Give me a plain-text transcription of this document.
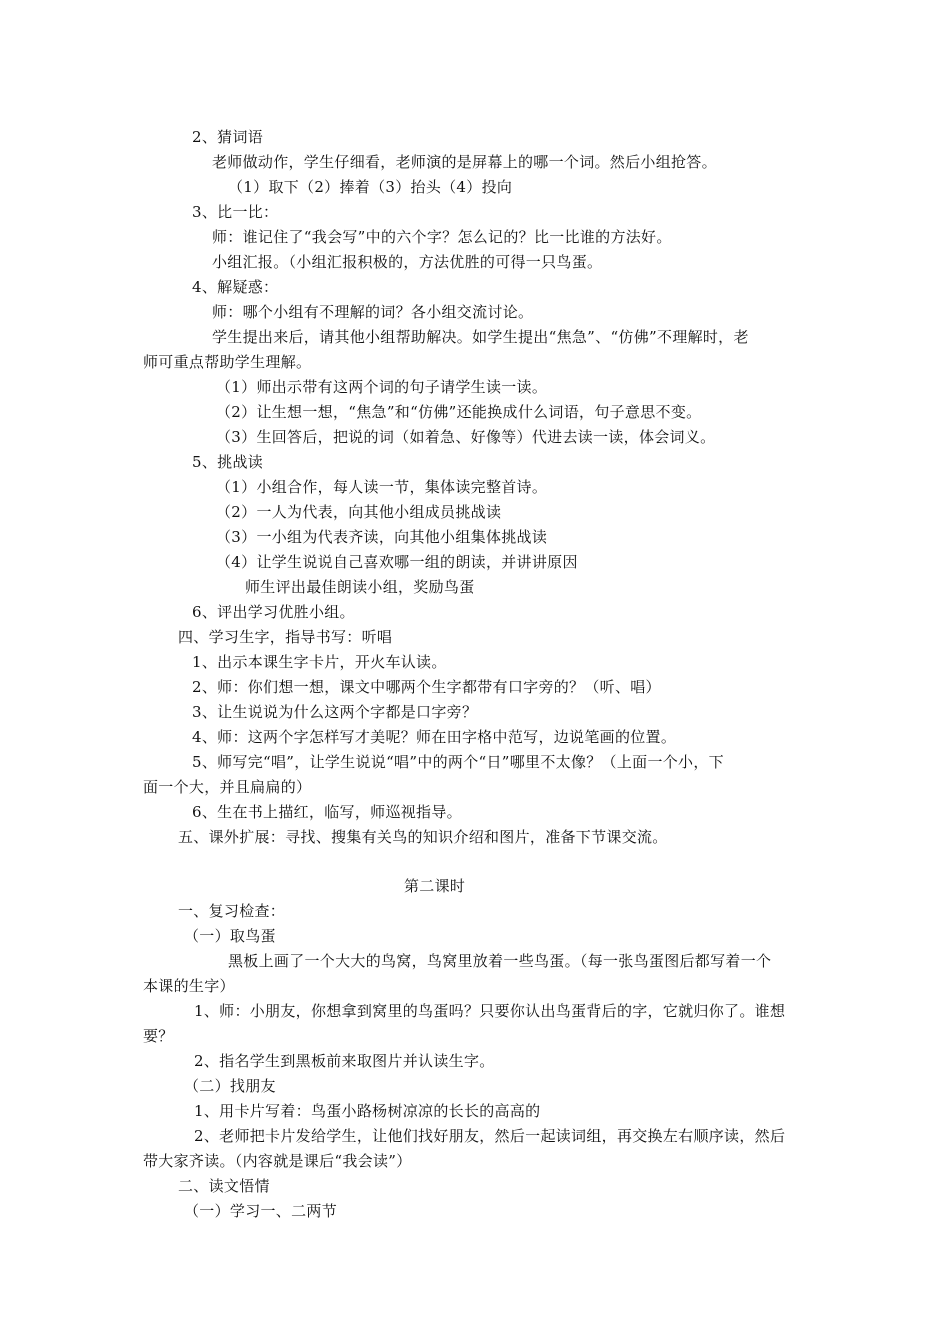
2、猜词语
老师做动作，学生仔细看，老师演的是屏幕上的哪一个词。然后小组抢答。
（1）取下（2）捧着（3）抬头（4）投向
3、比一比：
师：谁记住了“我会写”中的六个字？怎么记的？比一比谁的方法好。
小组汇报。（小组汇报积极的，方法优胜的可得一只鸟蛋。
4、解疑惑：
师：哪个小组有不理解的词？各小组交流讨论。
学生提出来后，请其他小组帮助解决。如学生提出“焦急”、“仿佛”不理解时，老
师可重点帮助学生理解。
（1）师出示带有这两个词的句子请学生读一读。
（2）让生想一想，“焦急”和“仿佛”还能换成什么词语，句子意思不变。
（3）生回答后，把说的词（如着急、好像等）代进去读一读，体会词义。
5、挑战读
（1）小组合作，每人读一节，集体读完整首诗。
（2）一人为代表，向其他小组成员挑战读
（3）一小组为代表齐读，向其他小组集体挑战读
（4）让学生说说自己喜欢哪一组的朗读，并讲讲原因
师生评出最佳朗读小组，奖励鸟蛋
6、评出学习优胜小组。
四、学习生字，指导书写：听唱
1、出示本课生字卡片，开火车认读。
2、师：你们想一想，课文中哪两个生字都带有口字旁的？（听、唱）
3、让生说说为什么这两个字都是口字旁？
4、师：这两个字怎样写才美呢？师在田字格中范写，边说笔画的位置。
5、师写完“唱”，让学生说说“唱”中的两个“日”哪里不太像？（上面一个小，下
面一个大，并且扁扁的）
6、生在书上描红，临写，师巡视指导。
五、课外扩展：寻找、搜集有关鸟的知识介绍和图片，准备下节课交流。
第二课时
一、复习检查：
（一）取鸟蛋
黑板上画了一个大大的鸟窝，鸟窝里放着一些鸟蛋。（每一张鸟蛋图后都写着一个
本课的生字）
1、师：小朋友，你想拿到窝里的鸟蛋吗？只要你认出鸟蛋背后的字，它就归你了。谁想
要？
2、指名学生到黑板前来取图片并认读生字。
（二）找朋友
1、用卡片写着：鸟蛋小路杨树凉凉的长长的高高的
2、老师把卡片发给学生，让他们找好朋友，然后一起读词组，再交换左右顺序读，然后
带大家齐读。（内容就是课后“我会读”）
二、读文悟情
（一）学习一、二两节
